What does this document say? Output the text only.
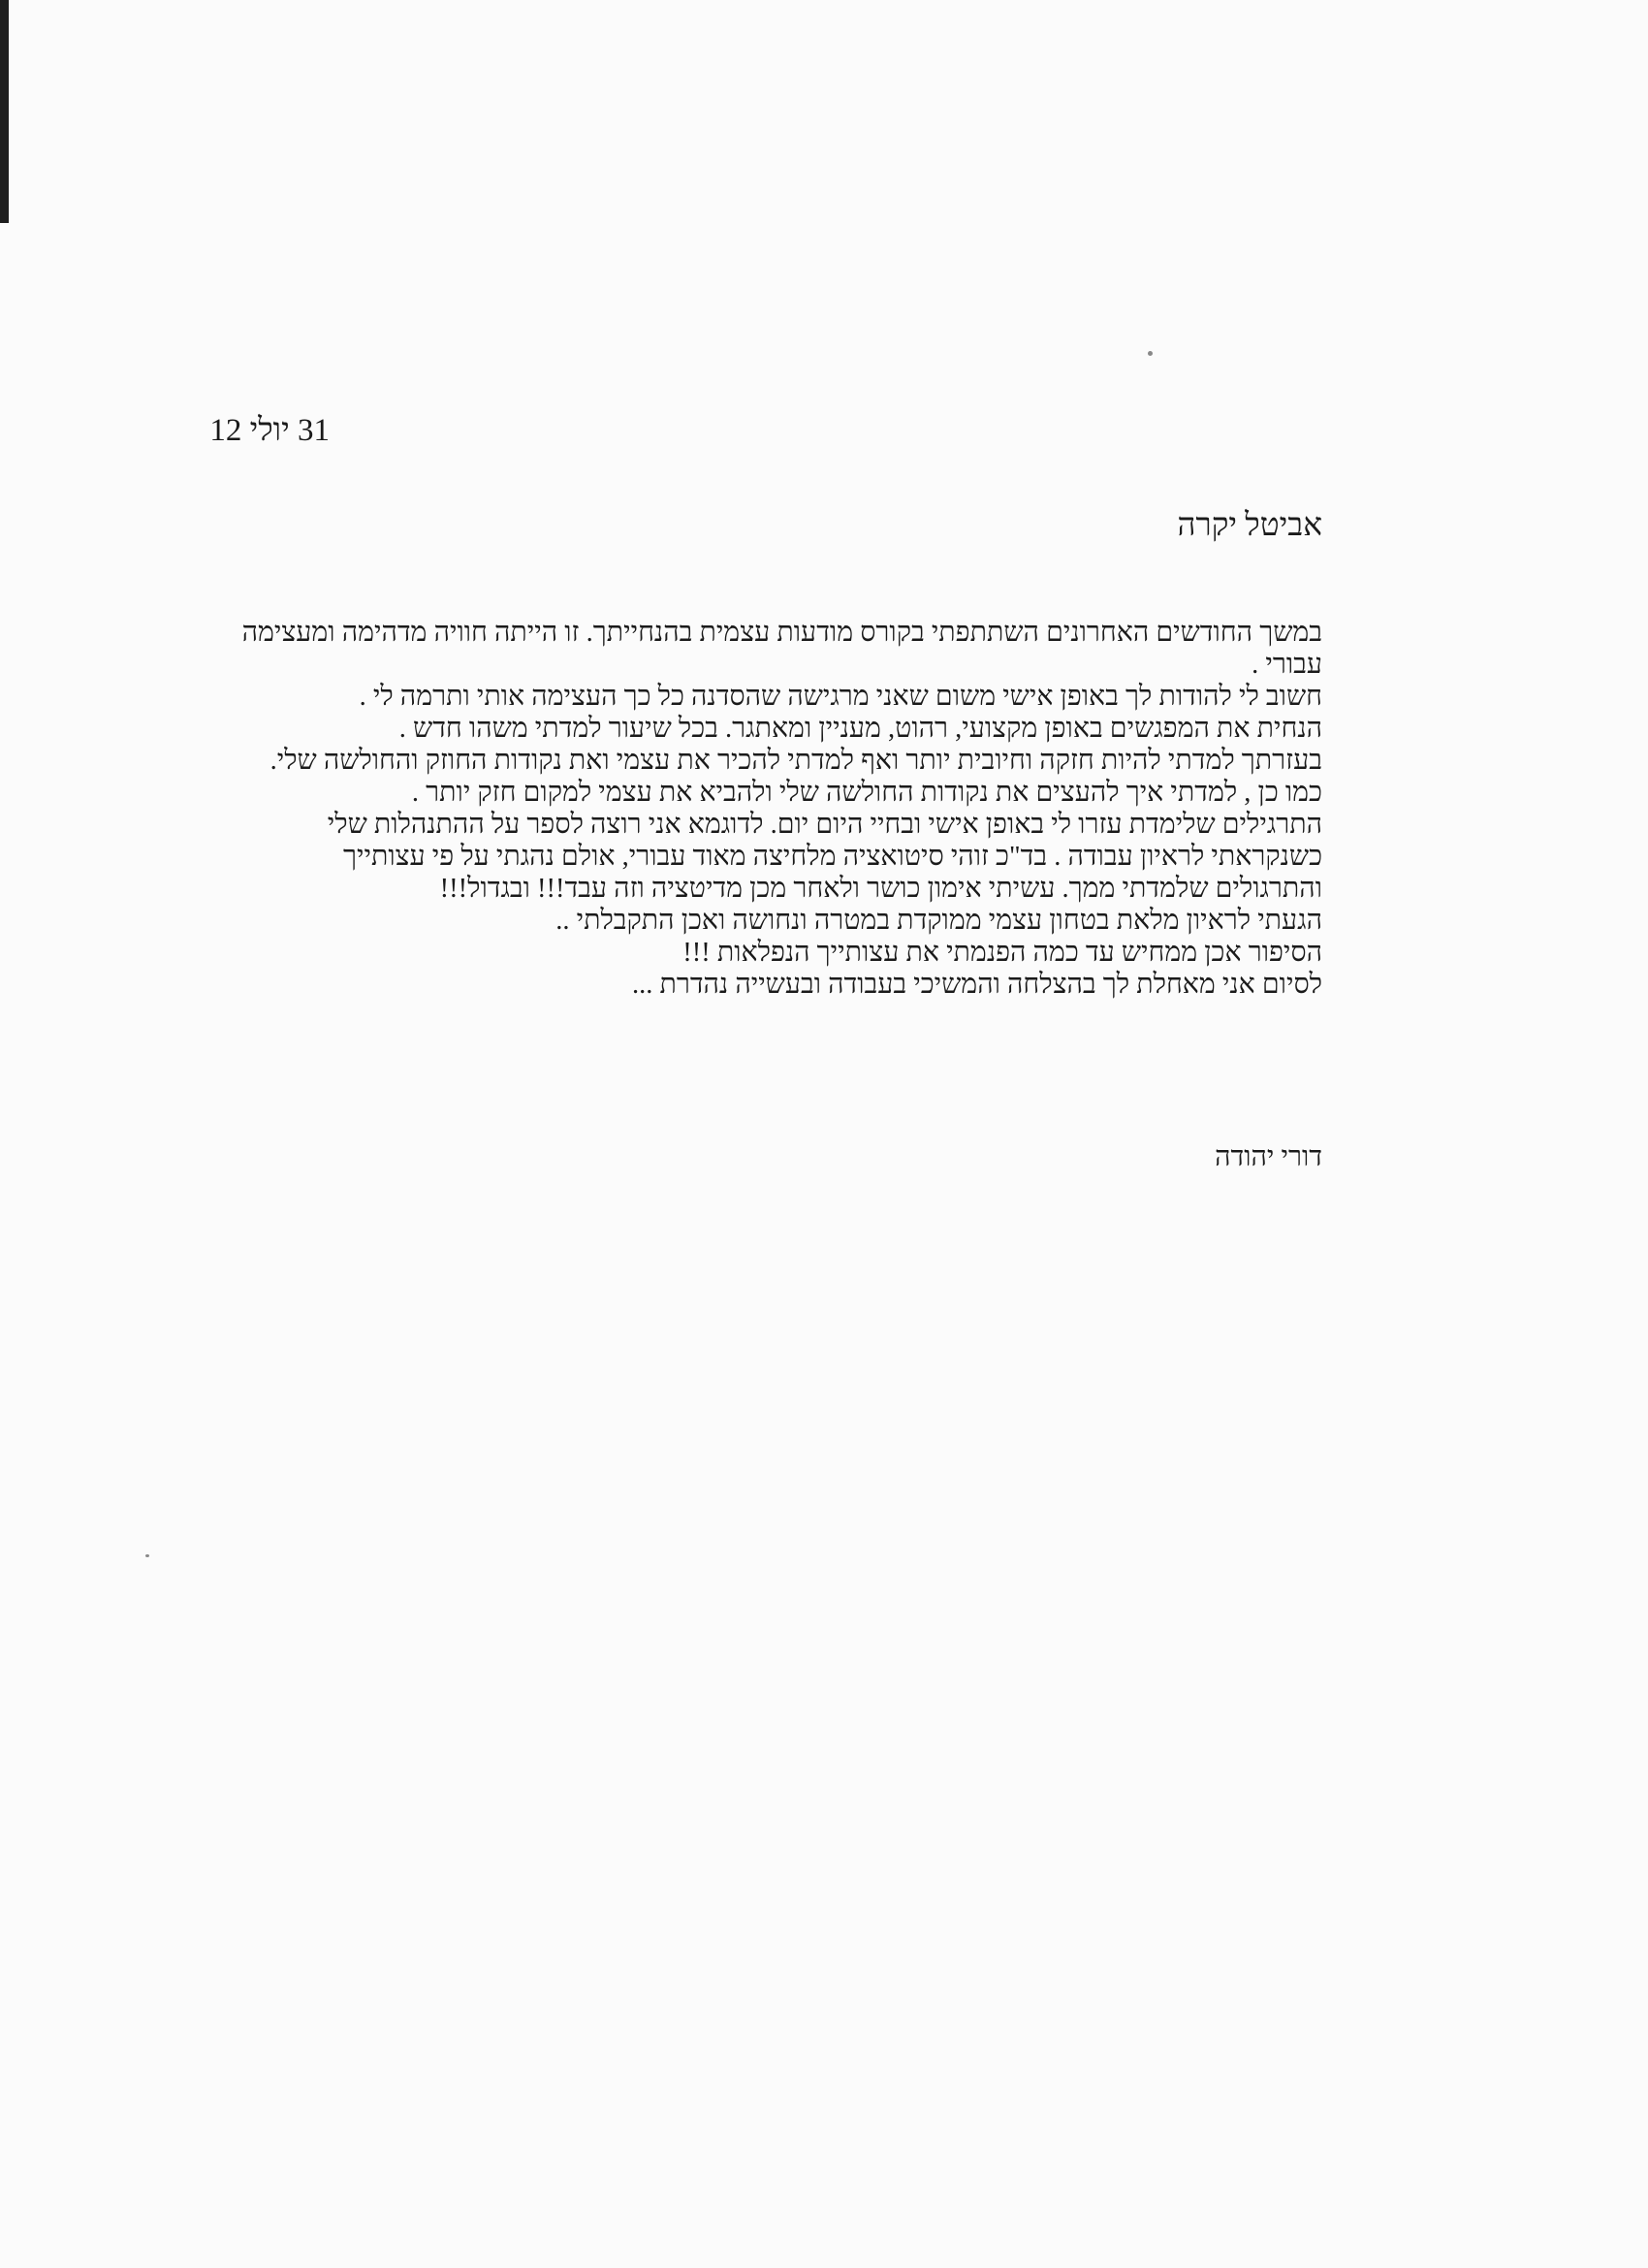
31 יולי 12
אביטל יקרה
במשך החודשים האחרונים השתתפתי בקורס מודעות עצמית בהנחייתך. זו הייתה חוויה מדהימה ומעצימה
עבורי .
חשוב לי להודות לך באופן אישי משום שאני מרגישה שהסדנה כל כך העצימה אותי ותרמה לי .
הנחית את המפגשים באופן מקצועי, רהוט, מעניין ומאתגר. בכל שיעור למדתי משהו חדש .
בעזרתך למדתי להיות חזקה וחיובית יותר ואף למדתי להכיר את עצמי ואת נקודות החוזק והחולשה שלי.
כמו כן , למדתי איך להעצים את נקודות החולשה שלי ולהביא את עצמי למקום חזק יותר .
התרגילים שלימדת עזרו לי באופן אישי ובחיי היום יום. לדוגמא אני רוצה לספר על ההתנהלות שלי
כשנקראתי לראיון עבודה . בד"כ זוהי סיטואציה מלחיצה מאוד עבורי, אולם נהגתי על פי עצותייך
והתרגולים שלמדתי ממך. עשיתי אימון כושר ולאחר מכן מדיטציה וזה עבד!!! ובגדול!!!
הגעתי לראיון מלאת בטחון עצמי ממוקדת במטרה ונחושה ואכן התקבלתי ..
הסיפור אכן ממחיש עד כמה הפנמתי את עצותייך הנפלאות !!!
לסיום אני מאחלת לך בהצלחה והמשיכי בעבודה ובעשייה נהדרת ...
דורי יהודה
